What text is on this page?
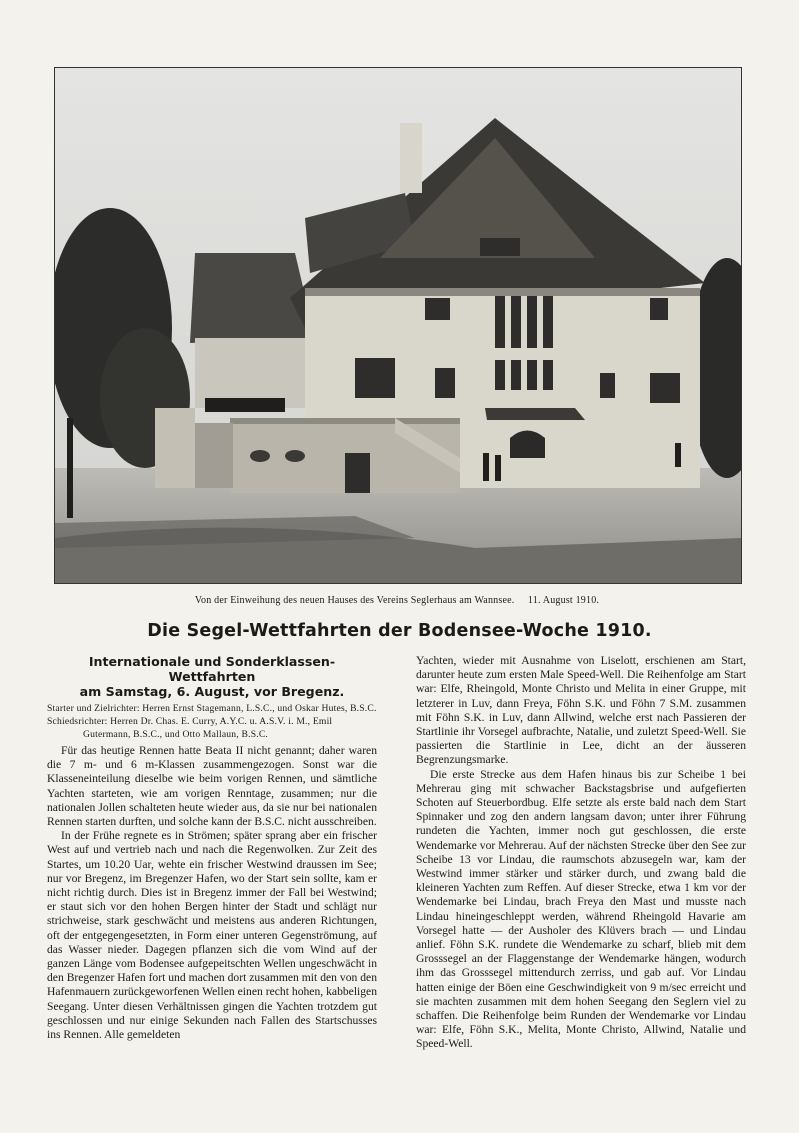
Von der Einweihung des neuen Hauses des Vereins Seglerhaus am Wannsee. 11. August 1910.
Die Segel-Wettfahrten der Bodensee-Woche 1910.
Internationale und Sonderklassen-Wettfahrten
am Samstag, 6. August, vor Bregenz.

Starter und Zielrichter: Herren Ernst Stagemann, L.S.C., und Oskar Hutes, B.S.C.

Schiedsrichter: Herren Dr. Chas. E. Curry, A.Y.C. u. A.S.V. i. M., Emil Gutermann, B.S.C., und Otto Mallaun, B.S.C.

Für das heutige Rennen hatte Beata II nicht genannt; daher waren die 7 m- und 6 m-Klassen zusammengezogen. Sonst war die Klasseneinteilung dieselbe wie beim vorigen Rennen, und sämtliche Yachten starteten, wie am vorigen Renntage, zusammen; nur die nationalen Jollen schalteten heute wieder aus, da sie nur bei nationalen Rennen starten durften, und solche kann der B.S.C. nicht ausschreiben.

In der Frühe regnete es in Strömen; später sprang aber ein frischer West auf und vertrieb nach und nach die Regenwolken. Zur Zeit des Startes, um 10.20 Uar, wehte ein frischer Westwind draussen im See; nur vor Bregenz, im Bregenzer Hafen, wo der Start sein sollte, kam er nicht richtig durch. Dies ist in Bregenz immer der Fall bei Westwind; er staut sich vor den hohen Bergen hinter der Stadt und schlägt nur strichweise, stark geschwächt und meistens aus anderen Richtungen, oft der entgegengesetzten, in Form einer unteren Gegenströmung, auf das Wasser nieder. Dagegen pflanzen sich die vom Wind auf der ganzen Länge vom Bodensee aufgepeitschten Wellen ungeschwächt in den Bregenzer Hafen fort und machen dort zusammen mit den von den Hafenmauern zurückgeworfenen Wellen einen recht hohen, kabbeligen Seegang. Unter diesen Verhältnissen gingen die Yachten trotzdem gut geschlossen und nur einige Sekunden nach Fallen des Startschusses ins Rennen. Alle gemeldeten

Yachten, wieder mit Ausnahme von Liselott, erschienen am Start, darunter heute zum ersten Male Speed-Well. Die Reihenfolge am Start war: Elfe, Rheingold, Monte Christo und Melita in einer Gruppe, mit letzterer in Luv, dann Freya, Föhn S.K. und Föhn 7 S.M. zusammen mit Föhn S.K. in Luv, dann Allwind, welche erst nach Passieren der Startlinie ihr Vorsegel aufbrachte, Natalie, und zuletzt Speed-Well. Sie passierten die Startlinie in Lee, dicht an der äusseren Begrenzungsmarke.

Die erste Strecke aus dem Hafen hinaus bis zur Scheibe 1 bei Mehrerau ging mit schwacher Backstagsbrise und aufgefierten Schoten auf Steuerbordbug. Elfe setzte als erste bald nach dem Start Spinnaker und zog den andern langsam davon; unter ihrer Führung rundeten die Yachten, immer noch gut geschlossen, die erste Wendemarke vor Mehrerau. Auf der nächsten Strecke über den See zur Scheibe 13 vor Lindau, die raumschots abzusegeln war, kam der Westwind immer stärker und stärker durch, und zwang bald die kleineren Yachten zum Reffen. Auf dieser Strecke, etwa 1 km vor der Wendemarke bei Lindau, brach Freya den Mast und musste nach Lindau hineingeschleppt werden, während Rheingold Havarie am Vorsegel hatte — der Ausholer des Klüvers brach — und Lindau anlief. Föhn S.K. rundete die Wendemarke zu scharf, blieb mit dem Grosssegel an der Flaggenstange der Wendemarke hängen, wodurch ihm das Grosssegel mittendurch zerriss, und gab auf. Vor Lindau hatten einige der Böen eine Geschwindigkeit von 9 m/sec erreicht und sie machten zusammen mit dem hohen Seegang den Seglern viel zu schaffen. Die Reihenfolge beim Runden der Wendemarke vor Lindau war: Elfe, Föhn S.K., Melita, Monte Christo, Allwind, Natalie und Speed-Well.
